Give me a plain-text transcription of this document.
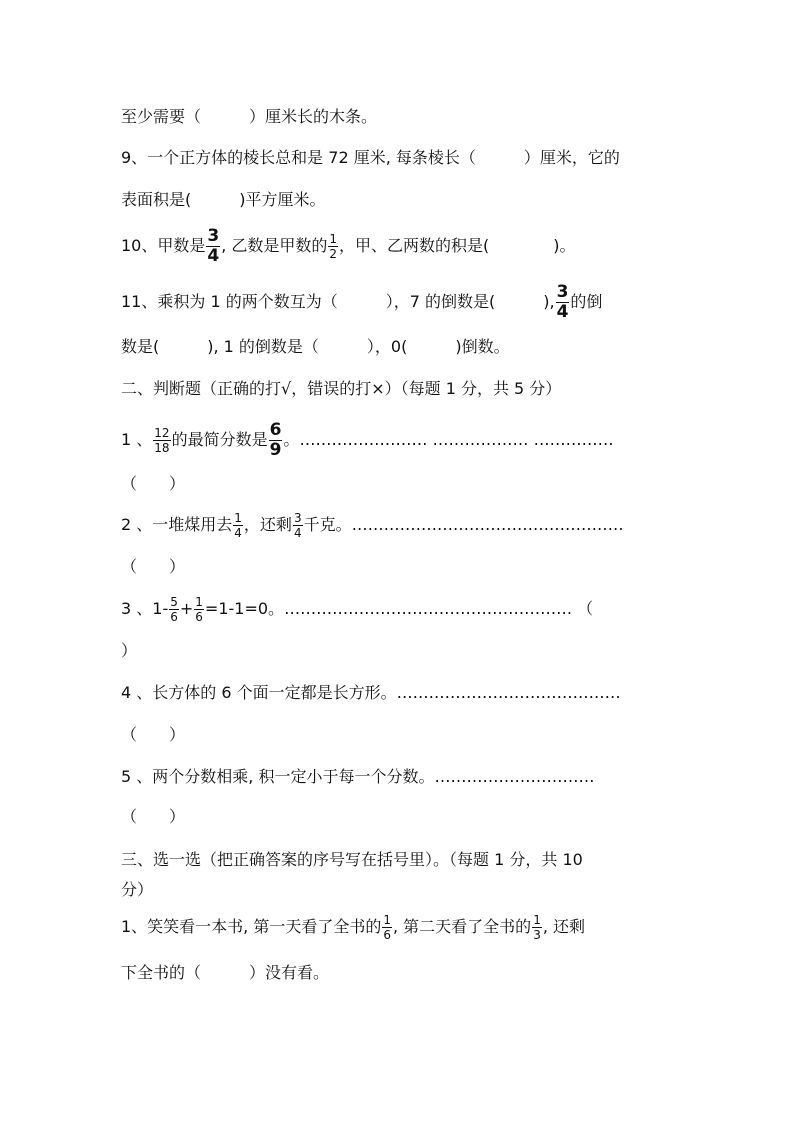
至少需要（　　　）厘米长的木条。
9、一个正方体的棱长总和是 72 厘米, 每条棱长（　　　）厘米，它的
表面积是(　　　)平方厘米。
10、甲数是 $\frac{3}{4}$ , 乙数是甲数的 $\frac{1}{2}$ ，甲、乙两数的积是(　　　　)。
11、乘积为 1 的两个数互为（　　　），7 的倒数是(　　　), $\frac{3}{4}$ 的倒
数是(　　　), 1 的倒数是（　　　），0(　　　)倒数。
二、判断题（正确的打√，错误的打×）（每题 1 分，共 5 分）
1 、 $\frac{12}{18}$ 的最简分数是 $\frac{6}{9}$ 。…………………… ……………… ……………
（　　）
2 、一堆煤用去 $\frac{1}{4}$ ，还剩 $\frac{3}{4}$ 千克。……………………………………………
（　　）
3 、$1- \frac{5}{6} + \frac{1}{6} =1-1=0$。……………………………………………… （
）
4 、长方体的 6 个面一定都是长方形。……………………………………
（　　）
5 、两个分数相乘, 积一定小于每一个分数。…………………………
（　　）
三、选一选（把正确答案的序号写在括号里）。（每题 1 分，共 10
分）
1、笑笑看一本书, 第一天看了全书的 $\frac{1}{6}$ , 第二天看了全书的 $\frac{1}{3}$ , 还剩
下全书的（　　　）没有看。
